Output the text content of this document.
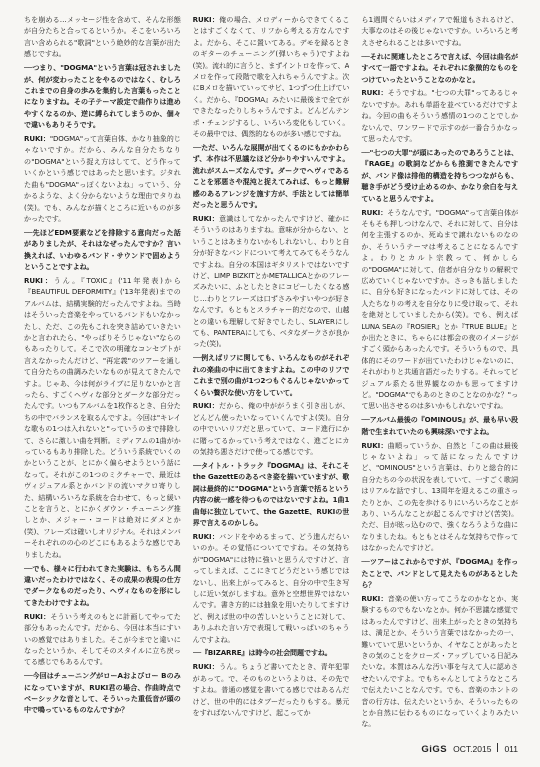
ちを崩める…メッセージ性を含めて、そんな形態が自分たちと合ってるというか。そこをいろいろ言い含められる"歌詞"という絶妙的な言葉が出た感じですね。

──つまり、"DOGMA"という言葉は冠されましたが、何が変わったことをやるのではなく、むしろこれまでの自身の歩みを集約した言葉もったことになりますね。その子テーマ設定で曲作りは進めやすくなるのか、逆に縛られてしまうのか、個々で違いもありそうです。

RUKI："DOGMA"って言葉自体、かなり抽象的じゃないですか。だから、みんな自分たちなりの"DOGMA"という捉え方はしてて、どう作っていくかという感じではあったと思います。ジタれた曲も"DOGMA"っぽくないよね」っていう、分かるような、よく分からないような理由でタりね(笑)。でも、みんなが描くところに近いものが多かったです。

──先ほどEDM要素などを排除する意向だった話がありましたが、それはなぜったんですか？言い換えれば、いわゆるバンド・サウンドで固めようということですよね。

RUKI：うん。『TOXIC』('11年発表)から『BEAUTIFUL DEFORMITY』('13年発表)までのアルバムは、結構実験的だったんですよね。当時はそういった音楽をやっているバンドもいなかったし、ただ、この先もこれを突き詰めていきたいかと言われたら、"やっぱりそうじゃない"ならのもあったりして。そこで次の明確なコンセプトが言えなかったんだけど、"再定義"のツアーを通して自分たちの曲調みたいなものが見えてきたんですよ。じゃあ、今は何がライブに足りないかと言ったら、すごくヘヴィな部分とダークな部分だったんです。いつもアルバムを1枚作るとき、自分たちの中でバランスを取るんですよ。今回は"キレイな歌もの1つは入れないと"っていうのまで排除して、さらに激しい曲を判断。ミディアムの1曲がかっているもあり排除した。どういう系統でいくのかということが、とにかく偏らせようという話になって。それがこの1つのミクチャーで、最近はヴィジュアル系とかバンドの流いマクロ寄りした、結構いろいろな系統を合わせて、もっと緩いことを言うと、とにかくダウン・チューニング推しとか、メジャー・コードは絶対にダメとか(笑)、フレーズは確いしオリジナル。それはメンバーそれぞれのの心のどこにもあるような感じでありましたね。

──でも、様々に行われてきた実験は、もちろん間違いだったわけではなく、その成果の表現の仕方でダークなものだったり、ヘヴィなものを形にしてきたわけですよね。

RUKI：そういう考えのもとに計画してやってた部分もあったんです。だから、今回は本当にすいいの感覚ではありました。そこが今までと違いになったというか、そしてそのスタイルに立ち戻ってる感じでもあるんです。

──今回はチューニングがローAおよびロー Bのみになっていますが、RUKI君の場合、作曲時点でベーシックな音として、そういった重低音が頭の中で鳴っているものなんですか？

RUKI：俺の場合、メロディーからできてくることはすごくなくて、リフから考える方なんですよ。だから、そこに置いてある。デモを録るときのギターのチューニング(弾いちゃう)ですよね(笑)。流れ的に言うと、まずイントロを作って、Aメロを作って段階で歌を入れちゃうんですよ。次にBメロを描いていってサビ、1つずつ仕上げていく。だから、『DOGMA』みたいに最後まで全てができたなったりしちゃうんですよ。どんどんテンポ・チェンジするし、いろいろ変化もしていく。その最中では、偶然的なものが多い感じですね。

──ただ、いろんな展開が出てくるのにもかかわらず、本作は不思議なほど分かりやすいんですよ。流れがスムーズなんです。ダークでヘヴィであることを邪悪さや混沌と捉えてみれば、もっと難解感のあるアレンジを施す方が、手法としては簡単だったと思うんです。

RUKI：意識はしてなかったんですけど、確かにそういうのはありますね。意味が分からない、ということはあまりないかもしれないし、わりと自分が好きなバンドについて考えてみてもそうなんですよね。自分の本国はギタリストではないですけど、LIMP BIZKITとかMETALLICAとかのフレーズみたいに、ふとしたときにコピーしたくなる感じ…わりとフレーズは口ずさみやすいやつが好きなんです。もともとスラチャー的だなので、山越との違いも理解して好きでしたし、SLAYERにしても、PANTERAにしても、ベタなダークさが良かった(笑)。

──例えばリフに関しても、いろんなものがそれぞれの楽曲の中に出てきますよね。この中のリフでこれまで別の曲が1つ2つもぐるんじゃないかってくらい贅沢な使い方をしていて。

RUKI：だから、俺の中ががうまく引き出しが、どんどん使ったいなっていくんですよ(笑)。自分の中でいいリフだと思っていて、コード進行にかに賭ってるかっていう考えではなく、進ごとにカの気持ち悪さだけで使ってる感じです。

──タイトル・トラック『DOGMA』は、それこそ the GazettEのあるべき姿を描いていますが、歌詞は最終的に"DOGMA"という言葉で括るという内容の統一感を待つものではないですよね。1曲1曲毎に独立していて、the GazettE、RUKIの世界で言えるのかしら。

RUKI：バンドをやめるまって、どう進んだらいいのか。その覚悟についてですね。その気持ちが"DOGMA"には特に強いと思うんですけど、言ってしまえば、ここにきてどうだという感じではないし、出来上がってみると、自分の中で生き写しに近い気がしますね。意外と空想世界ではないんです。書き方的には抽象を用いたりしてますけど、例えば世の中の苦しいということに対して、ありふれた言い方で表現して戦いっぱいのちゃうんですよね。

──『BIZARRE』は時今の社会問題ですね。

RUKI：うん。ちょうど書いてたとき、青年犯罪があって。で、そのものというよりは、その先ですよね。普通の感覚を書いてる感じではあるんだけど、世の中的にはタブーだったりもする。暴元をすればないんですけど、起こってか

ら1週間ぐらいはメディアで報道もされるけど、大事なのはその後じゃないですか。いろいろと考えさせられることは多いですね。

──それに関連したところで言えば、今回は曲名がすべて一語ですよね。それぞれに象徴的なものをつけていったということなのかなと。

RUKI：そうですね。"七つの大罪"ってあるじゃないですか。あれも単語を並べているだけですよね。今回の曲もそういう感情の1つのことでしかないんで、ワンワードで示すのが一番合うかなって思ったんです。

──"七つの大罪"が頭にあったのであろうことは、『RAGE』の歌詞などからも推測できたんですが、バンド像は排他的構造を持ちつつながらも、聴き手がどう受け止めるのか、かなり余白を与えていると思うんですよ。

RUKI：そうなんです。"DOGMA"って言葉自体がそもそも押しつけなんで、それに対して、自分は何を主張するのか、死ぬまで譲れないものなのか、そういうテーマは考えることになるんですよ。わりとカルト宗教って、何かしらの"DOGMA"に対して、信者が自分なりの解釈で広めていくじゃないですか。さっきも話しましたに、自分も好きになったバンドに対しては、その人たちなりの考えを自分なりに受け取って、それを絶対としていましたから(笑)。でも、例えばLUNA SEAの『ROSIER』とか『TRUE BLUE』とか出たときに、ちゃらには都会の夜のイメージがすごく頭からあったんです。そういうもので、具体的にそのワードが出ていたわけじゃないのに、それがわりと共通言語だったりする。それってビジュアル系たる世界観なのかも思ってますけど。"DOGMA"でもあのときのことなのかな？"って思い出させるのは多いかもしれないですね。

──アルバム最後の『OMINOUS』が、最も早い段階で生まれていたのも興味深いですよね。

RUKI：曲順っていうか、自然と「この曲は最後じゃないよね」って話になったんですけど、"OMINOUS"という言葉は、わりと総合的に自分たちの今の状況を表していて、一すごく歌詞はリアルな話ですし、13周年を迎えるこの重さったりとか、この先を歩けるりにいろいろなことがあり、いろんなことが起こるんですけど(苦笑)。ただ、目が眩っ込むので、強くなろうような曲になりましたね。もともとはそんな気持ちで作ってはなかったんですけど。

──ツアーはこれからですが、『DOGMA』を作ったことで、バンドとして見えたものがあるとしたら？

RUKI：音楽の使い方ってこうなのかなとか、実験するものでもないなとか。何か不思議な感覚ではあったんですけど、出来上がったときの気持ちは、満足とか、そういう言葉ではなかったの一、難いていて思いというか、イヤなことがあったときの気のことをクローズ・アップしている日記みたいな。本質はみんな汚い事を与えて人に認めさせたいんですよ。でもちゃんとしてようなところで伝えたいことなんです。でも、音楽のホントの音の行方は、伝えたいというか、そういったものとか自然に伝わるものになっていくよりみたいな。

GiGS OCT.2015 011
